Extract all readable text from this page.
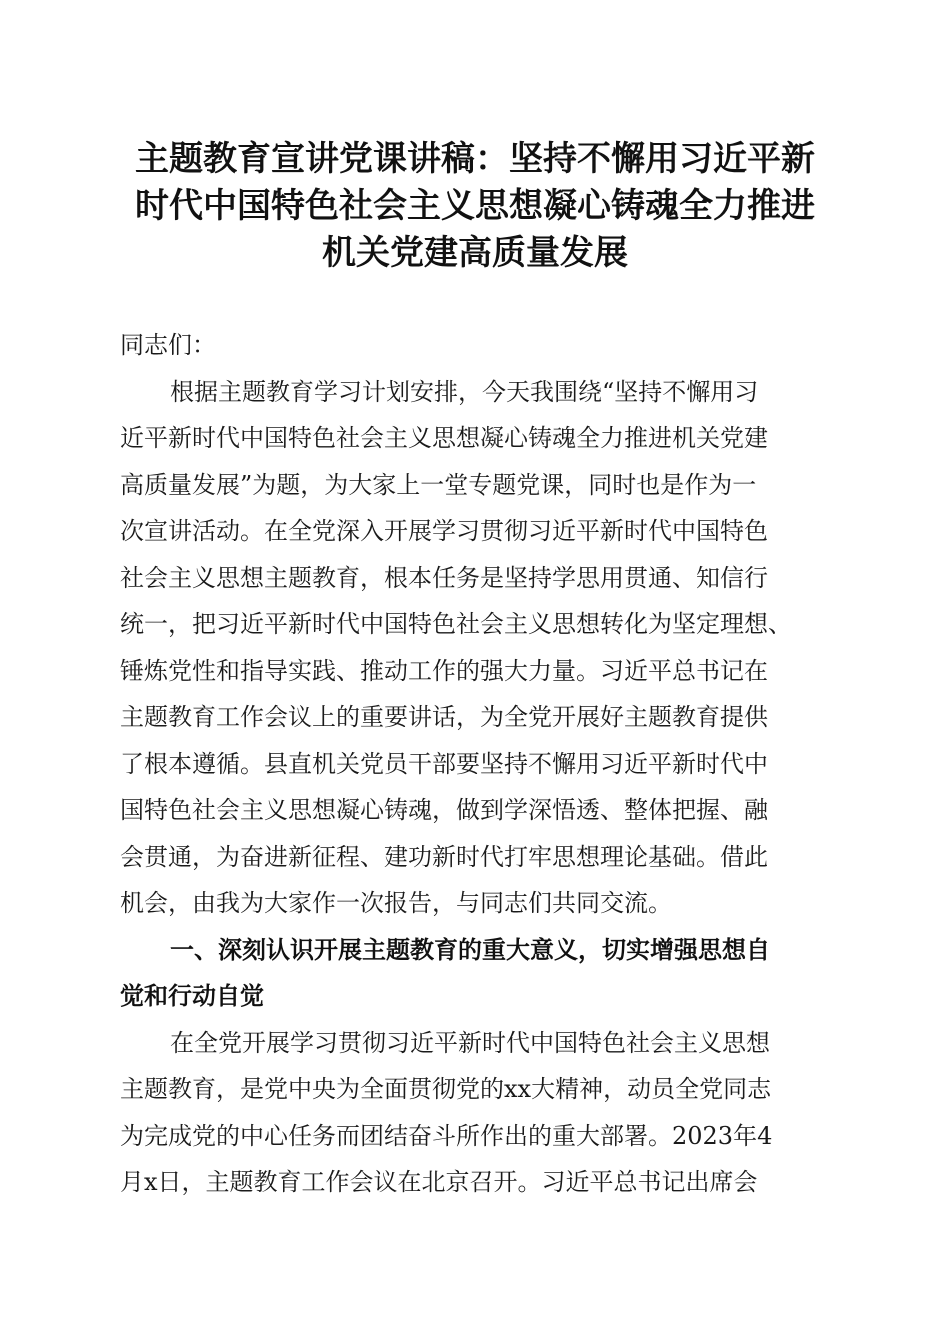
主题教育宣讲党课讲稿：坚持不懈用习近平新
时代中国特色社会主义思想凝心铸魂全力推进
机关党建高质量发展
同志们：
根据主题教育学习计划安排，今天我围绕“坚持不懈用习
近平新时代中国特色社会主义思想凝心铸魂全力推进机关党建
高质量发展”为题，为大家上一堂专题党课，同时也是作为一
次宣讲活动。在全党深入开展学习贯彻习近平新时代中国特色
社会主义思想主题教育，根本任务是坚持学思用贯通、知信行
统一，把习近平新时代中国特色社会主义思想转化为坚定理想、
锤炼党性和指导实践、推动工作的强大力量。习近平总书记在
主题教育工作会议上的重要讲话，为全党开展好主题教育提供
了根本遵循。县直机关党员干部要坚持不懈用习近平新时代中
国特色社会主义思想凝心铸魂，做到学深悟透、整体把握、融
会贯通，为奋进新征程、建功新时代打牢思想理论基础。借此
机会，由我为大家作一次报告，与同志们共同交流。
一、深刻认识开展主题教育的重大意义，切实增强思想自
觉和行动自觉
在全党开展学习贯彻习近平新时代中国特色社会主义思想
主题教育，是党中央为全面贯彻党的xx大精神，动员全党同志
为完成党的中心任务而团结奋斗所作出的重大部署。2023年4
月x日，主题教育工作会议在北京召开。习近平总书记出席会
